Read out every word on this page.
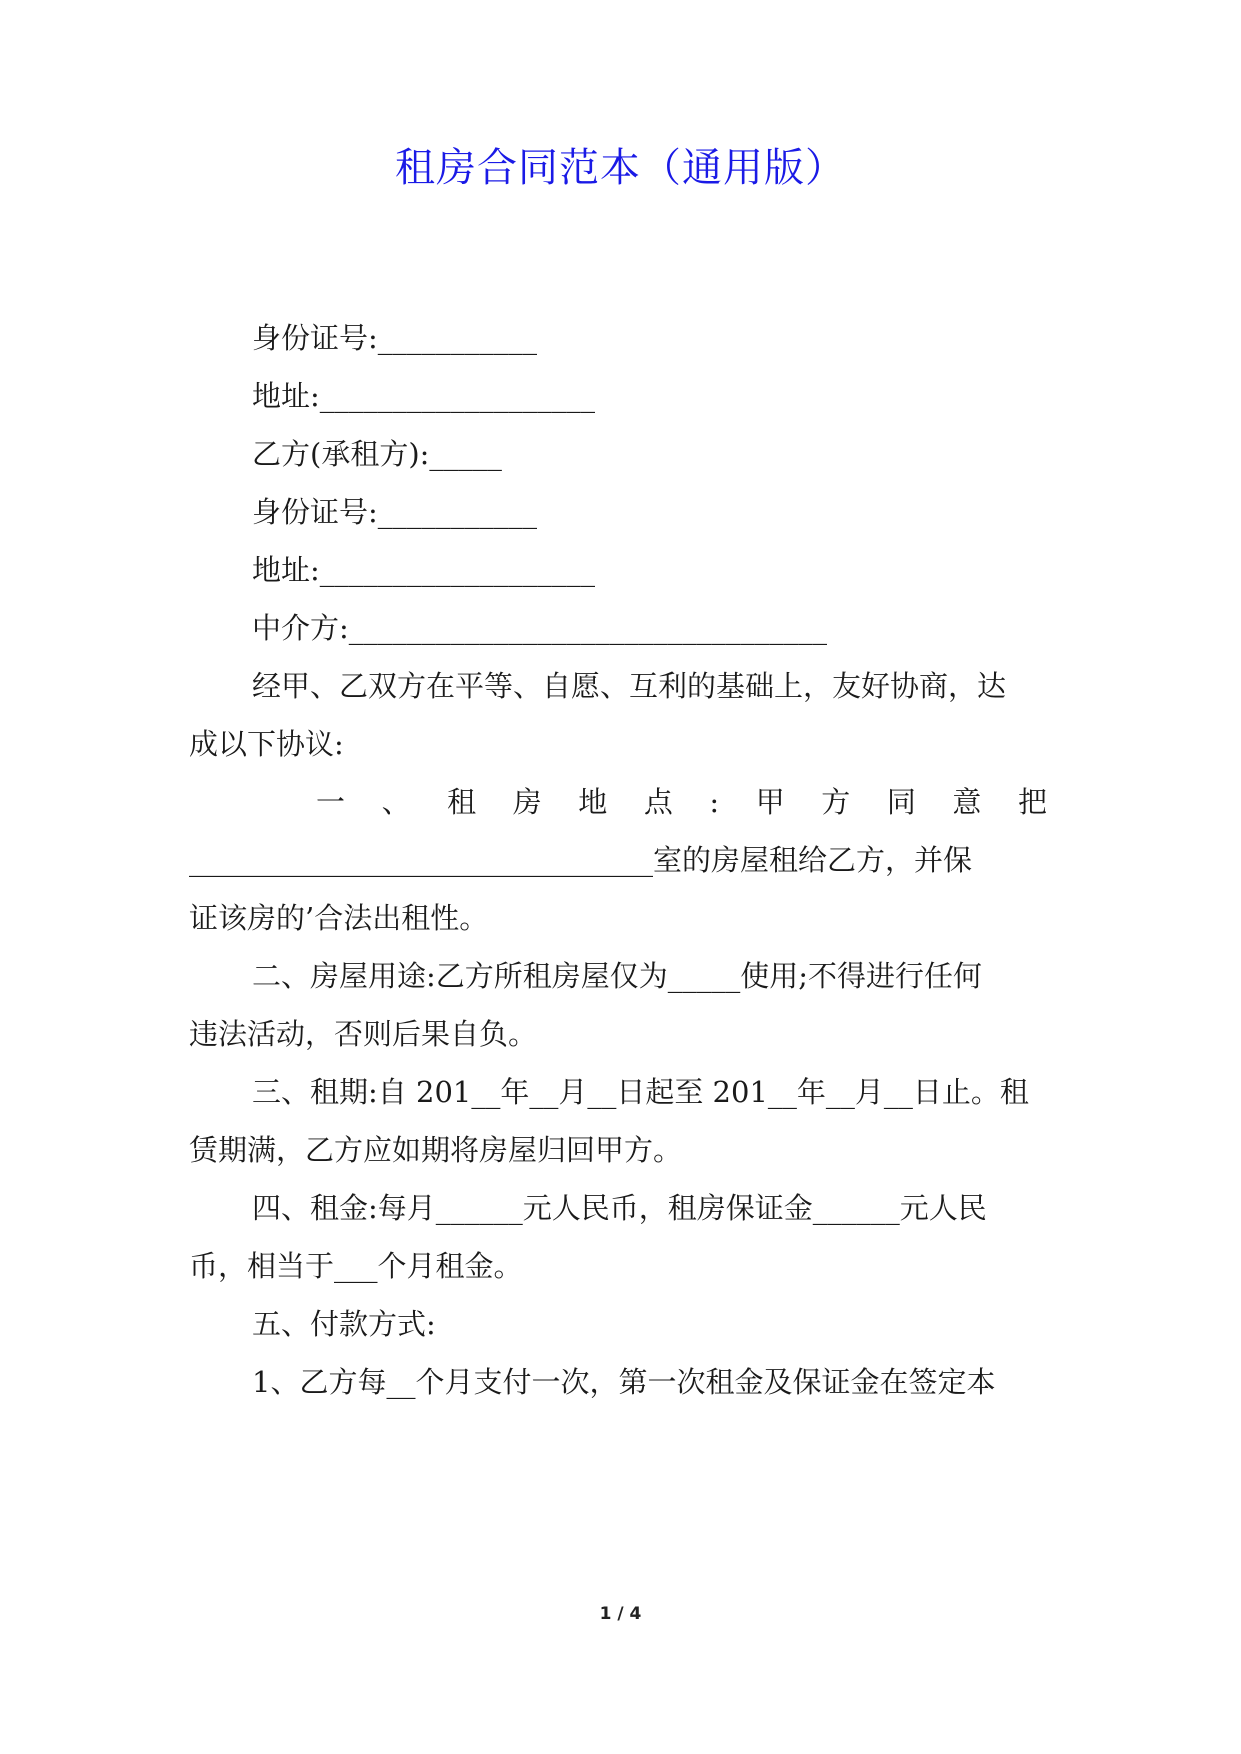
租房合同范本（通用版）
身份证号:___________
地址:___________________
乙方(承租方):_____
身份证号:___________
地址:___________________
中介方:_________________________________
经甲、乙双方在平等、自愿、互利的基础上，友好协商，达
成以下协议:
一 、 租 房 地 点 : 甲 方 同 意 把
________________________________室的房屋租给乙方，并保
证该房的’合法出租性。
二、房屋用途:乙方所租房屋仅为_____使用;不得进行任何
违法活动，否则后果自负。
三、租期:自 201__年__月__日起至 201__年__月__日止。租
赁期满，乙方应如期将房屋归回甲方。
四、租金:每月______元人民币，租房保证金______元人民
币，相当于___个月租金。
五、付款方式:
1、乙方每__个月支付一次，第一次租金及保证金在签定本
1 / 4
